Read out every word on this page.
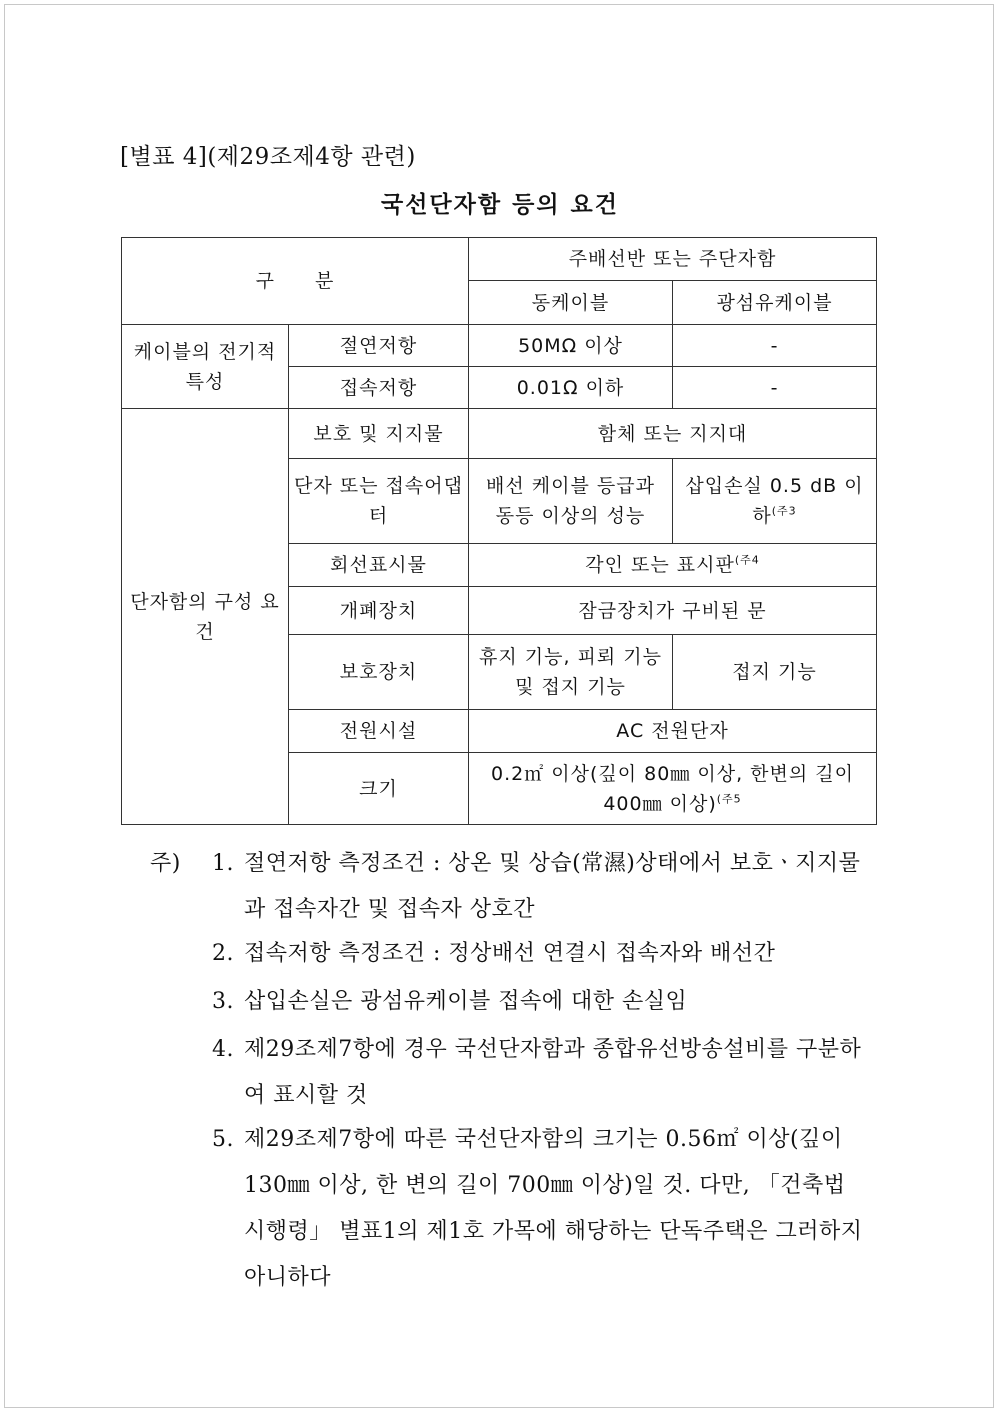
[별표 4](제29조제4항 관련)
국선단자함 등의 요건
구　　분		주배선반 또는 주단자함	
		동케이블	광섬유케이블
케이블의 전기적 특성	절연저항	50MΩ 이상	-
	접속저항	0.01Ω 이하	-
단자함의 구성 요건	보호 및 지지물	함체 또는 지지대	
	단자 또는 접속어댑터	배선 케이블 등급과 동등 이상의 성능	삽입손실 0.5 dB 이하$^{(주3}$
	회선표시물	각인 또는 표시판$^{(주4}$
	개폐장치	잠금장치가 구비된 문	
	보호장치	휴지 기능, 피뢰 기능 및 접지 기능	접지 기능
	전원시설	AC 전원단자	
	크기	0.2㎡ 이상(깊이 80㎜ 이상, 한변의 길이 400㎜ 이상)$^{(주5}$
주) 1. 절연저항 측정조건 : 상온 및 상습(常濕)상태에서 보호ㆍ지지물과 접속자간 및 접속자 상호간
2. 접속저항 측정조건 : 정상배선 연결시 접속자와 배선간
3. 삽입손실은 광섬유케이블 접속에 대한 손실임
4. 제29조제7항에 경우 국선단자함과 종합유선방송설비를 구분하여 표시할 것
5. 제29조제7항에 따른 국선단자함의 크기는 0.56㎡ 이상(깊이 130㎜ 이상, 한 변의 길이 700㎜ 이상)일 것. 다만, 「건축법 시행령」 별표1의 제1호 가목에 해당하는 단독주택은 그러하지 아니하다
